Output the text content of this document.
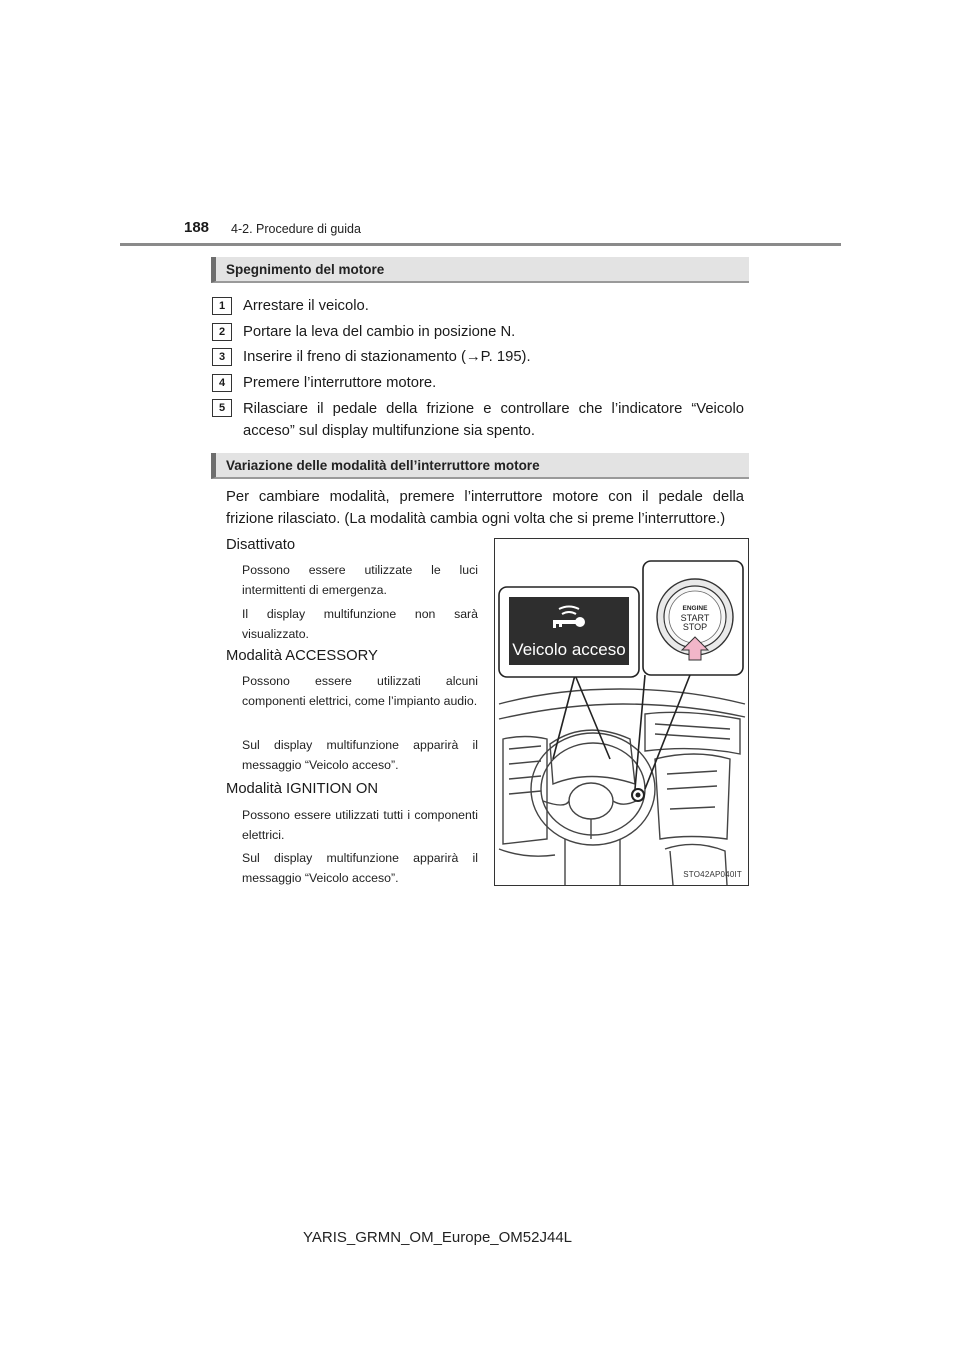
188 4-2. Procedure di guida
Spegnimento del motore
1	Arrestare il veicolo.
2	Portare la leva del cambio in posizione N.
3	Inserire il freno di stazionamento (→P. 195).
4	Premere l’interruttore motore.
5	Rilasciare il pedale della frizione e controllare che l’indicatore “Veicolo acceso” sul display multifunzione sia spento.
Variazione delle modalità dell’interruttore motore
Per cambiare modalità, premere l’interruttore motore con il pedale della frizione rilasciato. (La modalità cambia ogni volta che si preme l’interruttore.)
Disattivato
Possono essere utilizzate le luci intermittenti di emergenza.
Il display multifunzione non sarà visualizzato.
Modalità ACCESSORY
Possono essere utilizzati alcuni componenti elettrici, come l’impianto audio.
Sul display multifunzione apparirà il messaggio “Veicolo acceso”.
Modalità IGNITION ON
Possono essere utilizzati tutti i componenti elettrici.
Sul display multifunzione apparirà il messaggio “Veicolo acceso”.
Veicolo acceso
ENGINE
START
STOP
STO42AP040IT
YARIS_GRMN_OM_Europe_OM52J44L
